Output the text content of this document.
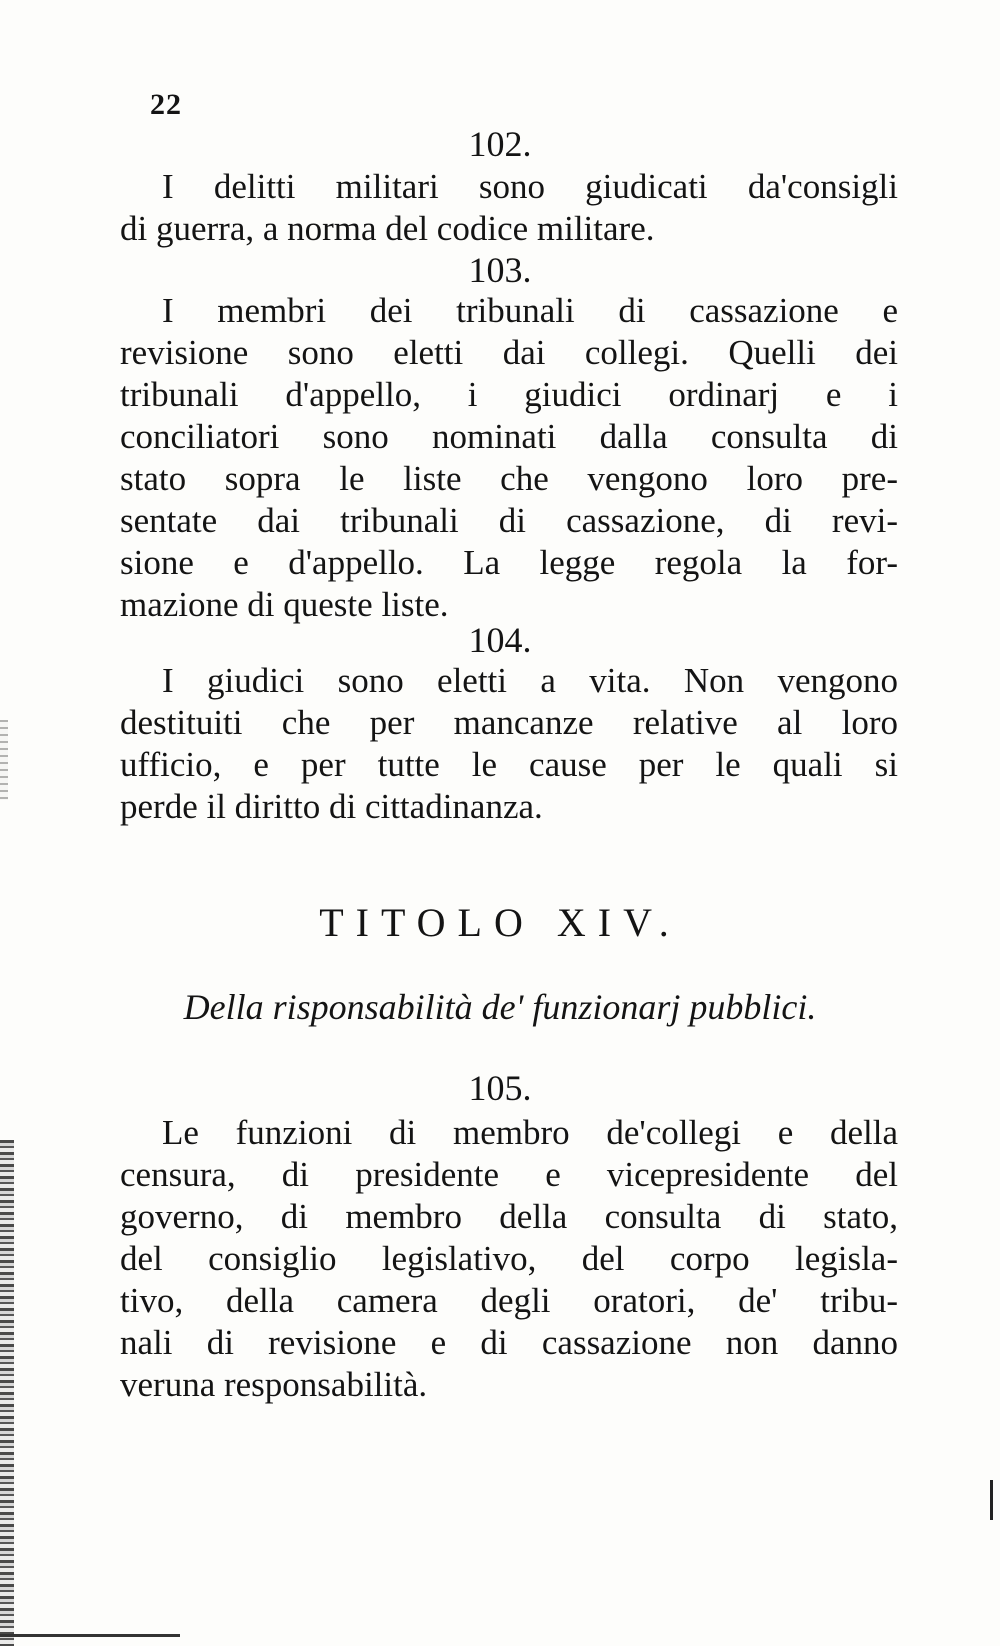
22
102.
I delitti militari sono giudicati da'consigli
di guerra, a norma del codice militare.
103.
I membri dei tribunali di cassazione e
revisione sono eletti dai collegi. Quelli dei
tribunali d'appello, i giudici ordinarj e i
conciliatori sono nominati dalla consulta di
stato sopra le liste che vengono loro pre-
sentate dai tribunali di cassazione, di revi-
sione e d'appello. La legge regola la for-
mazione di queste liste.
104.
I giudici sono eletti a vita. Non vengono
destituiti che per mancanze relative al loro
ufficio, e per tutte le cause per le quali si
perde il diritto di cittadinanza.
TITOLO XIV.
Della risponsabilità de' funzionarj pubblici.
105.
Le funzioni di membro de'collegi e della
censura, di presidente e vicepresidente del
governo, di membro della consulta di stato,
del consiglio legislativo, del corpo legisla-
tivo, della camera degli oratori, de' tribu-
nali di revisione e di cassazione non danno
veruna responsabilità.
